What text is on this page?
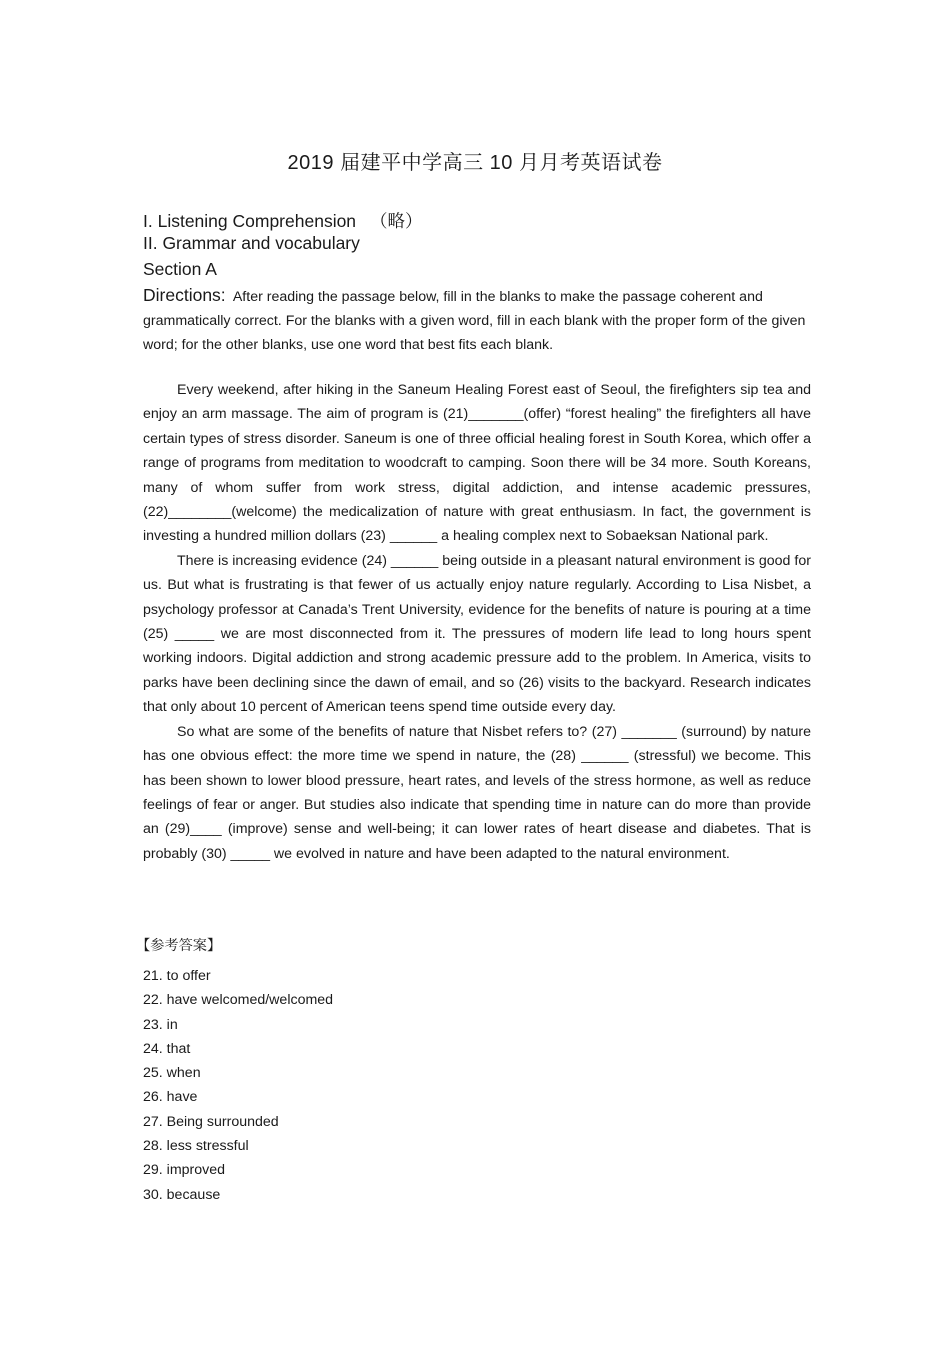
2019 届建平中学高三 10 月月考英语试卷
I. Listening Comprehension （略）
II. Grammar and vocabulary
Section A
Directions: After reading the passage below, fill in the blanks to make the passage coherent and grammatically correct. For the blanks with a given word, fill in each blank with the proper form of the given word; for the other blanks, use one word that best fits each blank.

Every weekend, after hiking in the Saneum Healing Forest east of Seoul, the firefighters sip tea and enjoy an arm massage. The aim of program is (21)_______(offer) “forest healing” the firefighters all have certain types of stress disorder. Saneum is one of three official healing forest in South Korea, which offer a range of programs from meditation to woodcraft to camping. Soon there will be 34 more. South Koreans, many of whom suffer from work stress, digital addiction, and intense academic pressures, (22)________(welcome) the medicalization of nature with great enthusiasm. In fact, the government is investing a hundred million dollars (23) ______ a healing complex next to Sobaeksan National park.

There is increasing evidence (24) ______ being outside in a pleasant natural environment is good for us. But what is frustrating is that fewer of us actually enjoy nature regularly. According to Lisa Nisbet, a psychology professor at Canada’s Trent University, evidence for the benefits of nature is pouring at a time (25) _____ we are most disconnected from it. The pressures of modern life lead to long hours spent working indoors. Digital addiction and strong academic pressure add to the problem. In America, visits to parks have been declining since the dawn of email, and so (26) visits to the backyard. Research indicates that only about 10 percent of American teens spend time outside every day.

So what are some of the benefits of nature that Nisbet refers to? (27) _______ (surround) by nature has one obvious effect: the more time we spend in nature, the (28) ______ (stressful) we become. This has been shown to lower blood pressure, heart rates, and levels of the stress hormone, as well as reduce feelings of fear or anger. But studies also indicate that spending time in nature can do more than provide an (29)____ (improve) sense and well-being; it can lower rates of heart disease and diabetes. That is probably (30) _____ we evolved in nature and have been adapted to the natural environment.

【参考答案】
21. to offer
22. have welcomed/welcomed
23. in
24. that
25. when
26. have
27. Being surrounded
28. less stressful
29. improved
30. because
